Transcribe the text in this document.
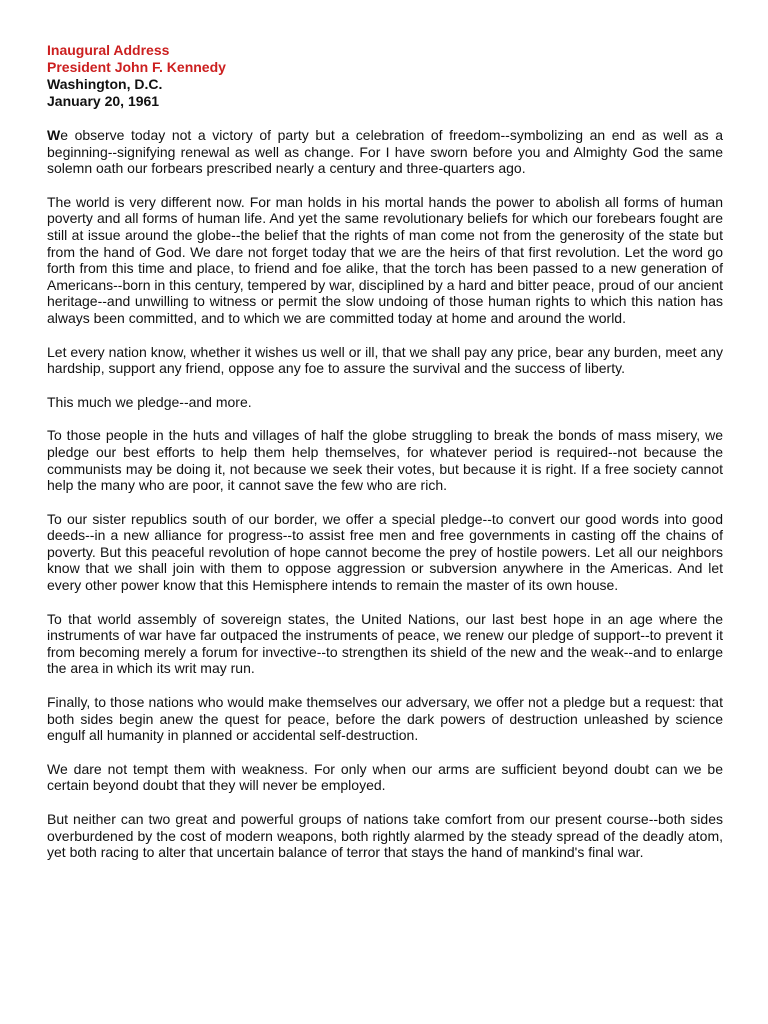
Inaugural Address

President John F. Kennedy

Washington, D.C.

January 20, 1961

We observe today not a victory of party but a celebration of freedom--symbolizing an end as well as a beginning--signifying renewal as well as change. For I have sworn before you and Almighty God the same solemn oath our forbears prescribed nearly a century and three-quarters ago.

The world is very different now. For man holds in his mortal hands the power to abolish all forms of human poverty and all forms of human life. And yet the same revolutionary beliefs for which our forebears fought are still at issue around the globe--the belief that the rights of man come not from the generosity of the state but from the hand of God. We dare not forget today that we are the heirs of that first revolution. Let the word go forth from this time and place, to friend and foe alike, that the torch has been passed to a new generation of Americans--born in this century, tempered by war, disciplined by a hard and bitter peace, proud of our ancient heritage--and unwilling to witness or permit the slow undoing of those human rights to which this nation has always been committed, and to which we are committed today at home and around the world.

Let every nation know, whether it wishes us well or ill, that we shall pay any price, bear any burden, meet any hardship, support any friend, oppose any foe to assure the survival and the success of liberty.

This much we pledge--and more.

To those people in the huts and villages of half the globe struggling to break the bonds of mass misery, we pledge our best efforts to help them help themselves, for whatever period is required--not because the communists may be doing it, not because we seek their votes, but because it is right. If a free society cannot help the many who are poor, it cannot save the few who are rich.

To our sister republics south of our border, we offer a special pledge--to convert our good words into good deeds--in a new alliance for progress--to assist free men and free governments in casting off the chains of poverty. But this peaceful revolution of hope cannot become the prey of hostile powers. Let all our neighbors know that we shall join with them to oppose aggression or subversion anywhere in the Americas. And let every other power know that this Hemisphere intends to remain the master of its own house.

To that world assembly of sovereign states, the United Nations, our last best hope in an age where the instruments of war have far outpaced the instruments of peace, we renew our pledge of support--to prevent it from becoming merely a forum for invective--to strengthen its shield of the new and the weak--and to enlarge the area in which its writ may run.

Finally, to those nations who would make themselves our adversary, we offer not a pledge but a request: that both sides begin anew the quest for peace, before the dark powers of destruction unleashed by science engulf all humanity in planned or accidental self-destruction.

We dare not tempt them with weakness. For only when our arms are sufficient beyond doubt can we be certain beyond doubt that they will never be employed.

But neither can two great and powerful groups of nations take comfort from our present course--both sides overburdened by the cost of modern weapons, both rightly alarmed by the steady spread of the deadly atom, yet both racing to alter that uncertain balance of terror that stays the hand of mankind's final war.
